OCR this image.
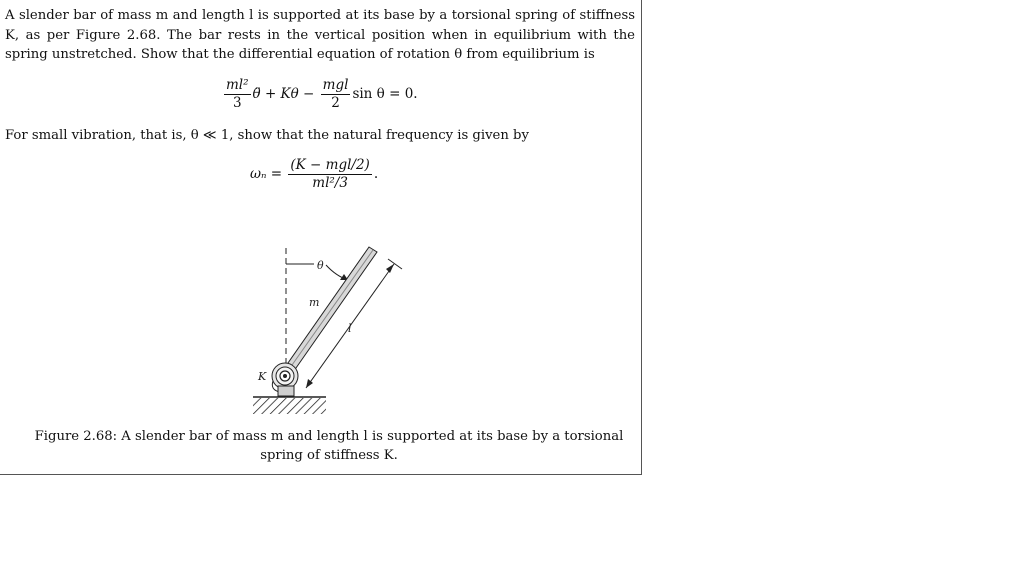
A slender bar of mass m and length l is supported at its base by a torsional spring of stiffness
K, as per Figure 2.68. The bar rests in the vertical position when in equilibrium with the
spring unstretched. Show that the differential equation of rotation θ from equilibrium is
$\frac{\text{ml²}}{3}$ θ̈ + $K\theta - \frac{\text{mgl}}{2}$ sin θ = 0.
For small vibration, that is, θ ≪ 1, show that the natural frequency is given by
$\omega_n = \frac{\text{(K − mgl/2)}}{\text{ml²/3}}$ .
θ
m
l
K
Figure 2.68: A slender bar of mass m and length l is supported at its base by a torsional
spring of stiffness K.
